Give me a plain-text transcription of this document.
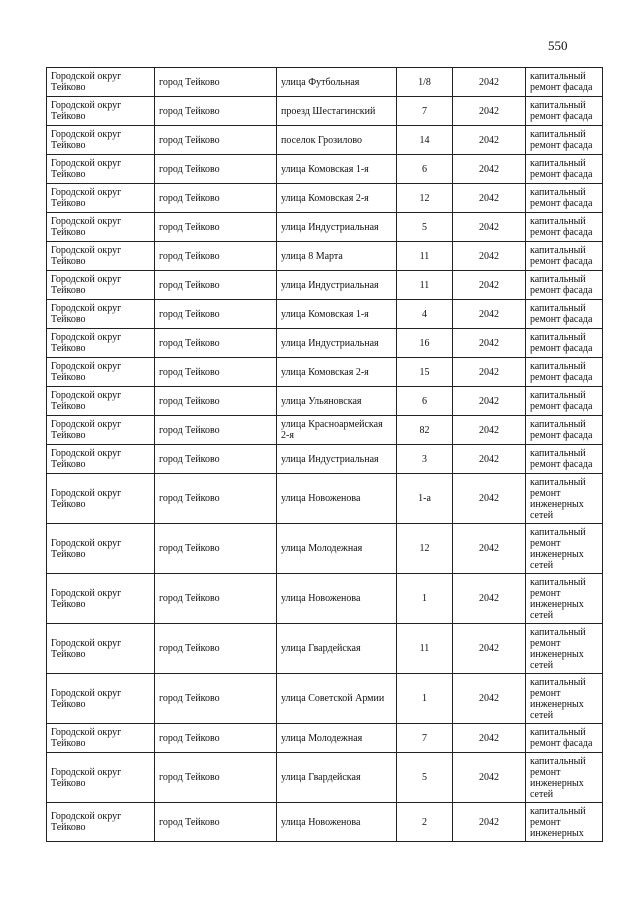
550
Городской округ Тейково	город Тейково	улица Футбольная	1/8	2042	капитальный ремонт фасада
Городской округ Тейково	город Тейково	проезд Шестагинский	7	2042	капитальный ремонт фасада
Городской округ Тейково	город Тейково	поселок Грозилово	14	2042	капитальный ремонт фасада
Городской округ Тейково	город Тейково	улица Комовская 1-я	6	2042	капитальный ремонт фасада
Городской округ Тейково	город Тейково	улица Комовская 2-я	12	2042	капитальный ремонт фасада
Городской округ Тейково	город Тейково	улица Индустриальная	5	2042	капитальный ремонт фасада
Городской округ Тейково	город Тейково	улица 8 Марта	11	2042	капитальный ремонт фасада
Городской округ Тейково	город Тейково	улица Индустриальная	11	2042	капитальный ремонт фасада
Городской округ Тейково	город Тейково	улица Комовская 1-я	4	2042	капитальный ремонт фасада
Городской округ Тейково	город Тейково	улица Индустриальная	16	2042	капитальный ремонт фасада
Городской округ Тейково	город Тейково	улица Комовская 2-я	15	2042	капитальный ремонт фасада
Городской округ Тейково	город Тейково	улица Ульяновская	6	2042	капитальный ремонт фасада
Городской округ Тейково	город Тейково	улица Красноармейская 2-я	82	2042	капитальный ремонт фасада
Городской округ Тейково	город Тейково	улица Индустриальная	3	2042	капитальный ремонт фасада
Городской округ Тейково	город Тейково	улица Новоженова	1-а	2042	капитальный ремонт инженерных сетей
Городской округ Тейково	город Тейково	улица Молодежная	12	2042	капитальный ремонт инженерных сетей
Городской округ Тейково	город Тейково	улица Новоженова	1	2042	капитальный ремонт инженерных сетей
Городской округ Тейково	город Тейково	улица Гвардейская	11	2042	капитальный ремонт инженерных сетей
Городской округ Тейково	город Тейково	улица Советской Армии	1	2042	капитальный ремонт инженерных сетей
Городской округ Тейково	город Тейково	улица Молодежная	7	2042	капитальный ремонт фасада
Городской округ Тейково	город Тейково	улица Гвардейская	5	2042	капитальный ремонт инженерных сетей
Городской округ Тейково	город Тейково	улица Новоженова	2	2042	капитальный ремонт инженерных
